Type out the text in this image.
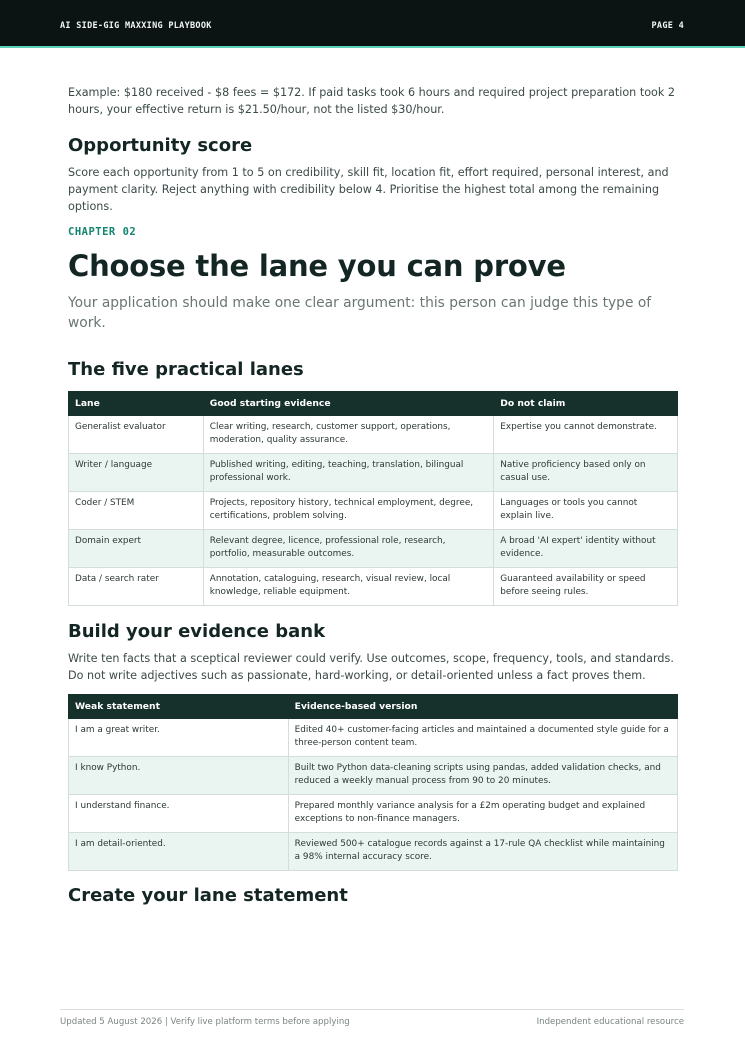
AI SIDE-GIG MAXXING PLAYBOOK	PAGE 4

Example: $180 received - $8 fees = $172. If paid tasks took 6 hours and required project preparation took 2 hours, your effective return is $21.50/hour, not the listed $30/hour.

Opportunity score

Score each opportunity from 1 to 5 on credibility, skill fit, location fit, effort required, personal interest, and payment clarity. Reject anything with credibility below 4. Prioritise the highest total among the remaining options.

CHAPTER 02
Choose the lane you can prove

Your application should make one clear argument: this person can judge this type of work.

The five practical lanes
Lane	Good starting evidence	Do not claim
Generalist evaluator	Clear writing, research, customer support, operations, moderation, quality assurance.	Expertise you cannot demonstrate.
Writer / language	Published writing, editing, teaching, translation, bilingual professional work.	Native proficiency based only on casual use.
Coder / STEM	Projects, repository history, technical employment, degree, certifications, problem solving.	Languages or tools you cannot explain live.
Domain expert	Relevant degree, licence, professional role, research, portfolio, measurable outcomes.	A broad 'AI expert' identity without evidence.
Data / search rater	Annotation, cataloguing, research, visual review, local knowledge, reliable equipment.	Guaranteed availability or speed before seeing rules.
Build your evidence bank

Write ten facts that a sceptical reviewer could verify. Use outcomes, scope, frequency, tools, and standards. Do not write adjectives such as passionate, hard-working, or detail-oriented unless a fact proves them.

Weak statement	Evidence-based version
I am a great writer.	Edited 40+ customer-facing articles and maintained a documented style guide for a three-person content team.
I know Python.	Built two Python data-cleaning scripts using pandas, added validation checks, and reduced a weekly manual process from 90 to 20 minutes.
I understand finance.	Prepared monthly variance analysis for a £2m operating budget and explained exceptions to non-finance managers.
I am detail-oriented.	Reviewed 500+ catalogue records against a 17-rule QA checklist while maintaining a 98% internal accuracy score.
Create your lane statement
Updated 5 August 2026 | Verify live platform terms before applying	Independent educational resource
